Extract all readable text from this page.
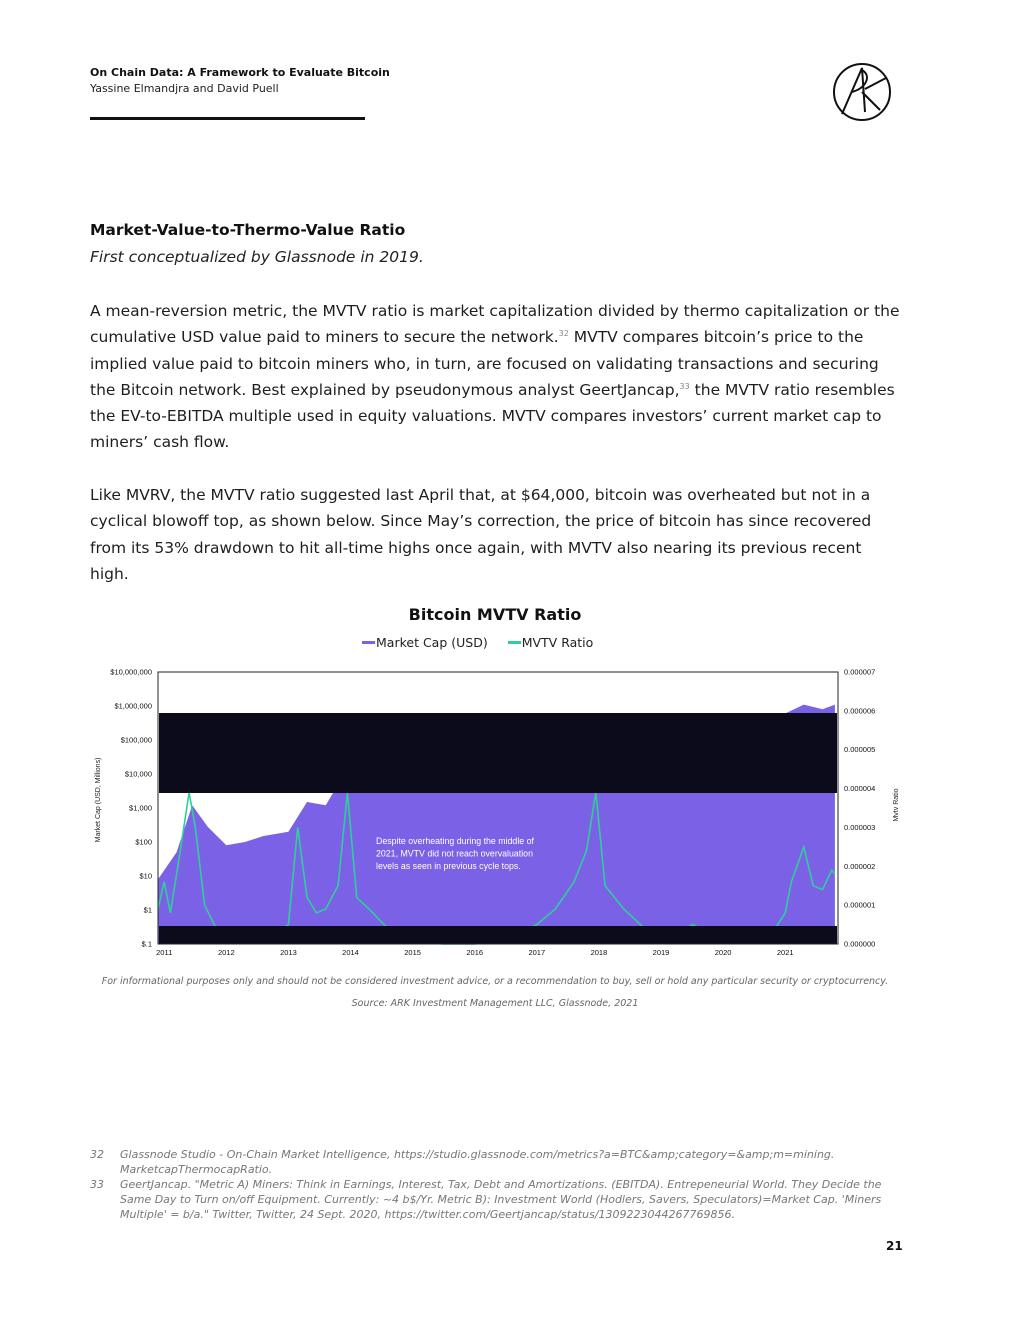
On Chain Data: A Framework to Evaluate Bitcoin
Yassine Elmandjra and David Puell
Market-Value-to-Thermo-Value Ratio
First conceptualized by Glassnode in 2019.
A mean-reversion metric, the MVTV ratio is market capitalization divided by thermo capitalization or the cumulative USD value paid to miners to secure the network.$^{32}$ MVTV compares bitcoin’s price to the implied value paid to bitcoin miners who, in turn, are focused on validating transactions and securing the Bitcoin network. Best explained by pseudonymous analyst GeertJancap,$^{33}$ the MVTV ratio resembles the EV-to-EBITDA multiple used in equity valuations. MVTV compares investors’ current market cap to miners’ cash flow.
Like MVRV, the MVTV ratio suggested last April that, at $64,000, bitcoin was overheated but not in a cyclical blowoff top, as shown below. Since May’s correction, the price of bitcoin has since recovered from its 53% drawdown to hit all-time highs once again, with MVTV also nearing its previous recent high.
Bitcoin MVTV Ratio
Market Cap (USD)	MVTV Ratio
$10,000,000
$1,000,000
$100,000
$10,000
$1,000
$100
$10
$1
$.1
0.000007
0.000006
0.000005
0.000004
0.000003
0.000002
0.000001
0.000000
2011	2012	2013	2014	2015	2016	2017	2018	2019	2020	2021
Market Cap (USD, Millions)	Mvtv Ratio
Despite overheating during the middle of 2021, MVTV did not reach overvaluation levels as seen in previous cycle tops.
For informational purposes only and should not be considered investment advice, or a recommendation to buy, sell or hold any particular security or cryptocurrency.
Source: ARK Investment Management LLC, Glassnode, 2021
32 Glassnode Studio - On-Chain Market Intelligence, https://studio.glassnode.com/metrics?a=BTC&amp;category=&amp;m=mining. MarketcapThermocapRatio.
33 GeertJancap. "Metric A) Miners: Think in Earnings, Interest, Tax, Debt and Amortizations. (EBITDA). Entrepeneurial World. They Decide the Same Day to Turn on/off Equipment. Currently: ~4 b$/Yr. Metric B): Investment World (Hodlers, Savers, Speculators)=Market Cap. 'Miners Multiple' = b/a." Twitter, Twitter, 24 Sept. 2020, https://twitter.com/Geertjancap/status/1309223044267769856.
21
